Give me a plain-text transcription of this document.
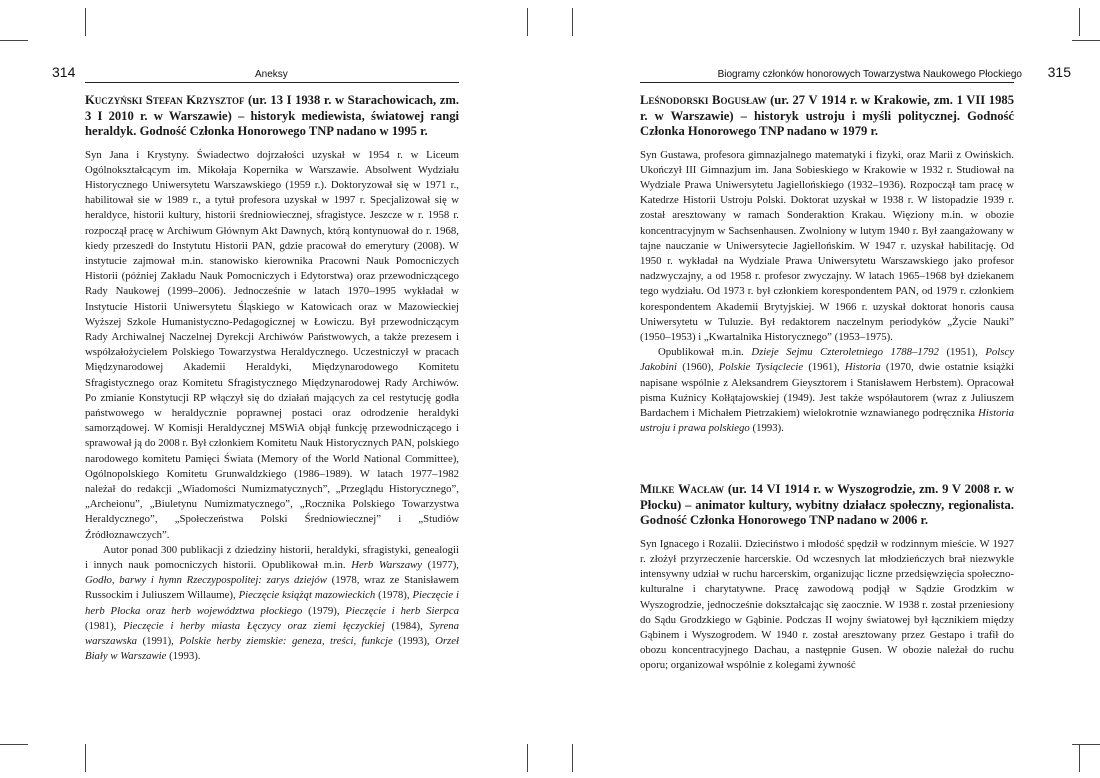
314	Aneksy

Kuczyński Stefan Krzysztof (ur. 13 I 1938 r. w Starachowicach, zm. 3 I 2010 r. w Warszawie) – historyk mediewista, światowej rangi heraldyk. Godność Członka Honorowego TNP nadano w 1995 r.

Syn Jana i Krystyny. Świadectwo dojrzałości uzyskał w 1954 r. w Liceum Ogólnokształcącym im. Mikołaja Kopernika w Warszawie. Absolwent Wydziału Historycznego Uniwersytetu Warszawskiego (1959 r.). Doktoryzował się w 1971 r., habilitował sie w 1989 r., a tytuł profesora uzyskał w 1997 r. Specjalizował się w heraldyce, historii kultury, historii średniowiecznej, sfragistyce. Jeszcze w r. 1958 r. rozpoczął pracę w Archiwum Głównym Akt Dawnych, którą kontynuował do r. 1968, kiedy przeszedł do Instytutu Historii PAN, gdzie pracował do emerytury (2008). W instytucie zajmował m.in. stanowisko kierownika Pracowni Nauk Pomocniczych Historii (później Zakładu Nauk Pomocniczych i Edytorstwa) oraz przewodniczącego Rady Naukowej (1999–2006). Jednocześnie w latach 1970–1995 wykładał w Instytucie Historii Uniwersytetu Śląskiego w Katowicach oraz w Mazowieckiej Wyższej Szkole Humanistyczno-Pedagogicznej w Łowiczu. Był przewodniczącym Rady Archiwalnej Naczelnej Dyrekcji Archiwów Państwowych, a także prezesem i współzałożycielem Polskiego Towarzystwa Heraldycznego. Uczestniczył w pracach Międzynarodowej Akademii Heraldyki, Międzynarodowego Komitetu Sfragistycznego oraz Komitetu Sfragistycznego Międzynarodowej Rady Archiwów. Po zmianie Konstytucji RP włączył się do działań mających za cel restytucję godła państwowego w heraldycznie poprawnej postaci oraz odrodzenie heraldyki samorządowej. W Komisji Heraldycznej MSWiA objął funkcję przewodniczącego i sprawował ją do 2008 r. Był członkiem Komitetu Nauk Historycznych PAN, polskiego narodowego komitetu Pamięci Świata (Memory of the World National Committee), Ogólnopolskiego Komitetu Grunwaldzkiego (1986–1989). W latach 1977–1982 należał do redakcji „Wiadomości Numizmatycznych”, „Przeglądu Historycznego”, „Archeionu”, „Biuletynu Numizmatycznego”, „Rocznika Polskiego Towarzystwa Heraldycznego”, „Społeczeństwa Polski Średniowiecznej” i „Studiów Źródłoznawczych”.

Autor ponad 300 publikacji z dziedziny historii, heraldyki, sfragistyki, genealogii i innych nauk pomocniczych historii. Opublikował m.in. Herb Warszawy (1977), Godło, barwy i hymn Rzeczypospolitej: zarys dziejów (1978, wraz ze Stanisławem Russockim i Juliuszem Willaume), Pieczęcie książąt mazowieckich (1978), Pieczęcie i herb Płocka oraz herb województwa płockiego (1979), Pieczęcie i herb Sierpca (1981), Pieczęcie i herby miasta Łęczycy oraz ziemi łęczyckiej (1984), Syrena warszawska (1991), Polskie herby ziemskie: geneza, treści, funkcje (1993), Orzeł Biały w Warszawie (1993).

Biogramy członków honorowych Towarzystwa Naukowego Płockiego 315

Leśnodorski Bogusław (ur. 27 V 1914 r. w Krakowie, zm. 1 VII 1985 r. w Warszawie) – historyk ustroju i myśli politycznej. Godność Członka Honorowego TNP nadano w 1979 r.

Syn Gustawa, profesora gimnazjalnego matematyki i fizyki, oraz Marii z Owińskich. Ukończył III Gimnazjum im. Jana Sobieskiego w Krakowie w 1932 r. Studiował na Wydziale Prawa Uniwersytetu Jagiellońskiego (1932–1936). Rozpoczął tam pracę w Katedrze Historii Ustroju Polski. Doktorat uzyskał w 1938 r. W listopadzie 1939 r. został aresztowany w ramach Sonderaktion Krakau. Więziony m.in. w obozie koncentracyjnym w Sachsenhausen. Zwolniony w lutym 1940 r. Był zaangażowany w tajne nauczanie w Uniwersytecie Jagiellońskim. W 1947 r. uzyskał habilitację. Od 1950 r. wykładał na Wydziale Prawa Uniwersytetu Warszawskiego jako profesor nadzwyczajny, a od 1958 r. profesor zwyczajny. W latach 1965–1968 był dziekanem tego wydziału. Od 1973 r. był członkiem korespondentem PAN, od 1979 r. członkiem korespondentem Akademii Brytyjskiej. W 1966 r. uzyskał doktorat honoris causa Uniwersytetu w Tuluzie. Był redaktorem naczelnym periodyków „Życie Nauki” (1950–1953) i „Kwartalnika Historycznego” (1953–1975).

Opublikował m.in. Dzieje Sejmu Czteroletniego 1788–1792 (1951), Polscy Jakobini (1960), Polskie Tysiąclecie (1961), Historia (1970, dwie ostatnie książki napisane wspólnie z Aleksandrem Gieysztorem i Stanisławem Herbstem). Opracował pisma Kuźnicy Kołłątajowskiej (1949). Jest także współautorem (wraz z Juliuszem Bardachem i Michałem Pietrzakiem) wielokrotnie wznawianego podręcznika Historia ustroju i prawa polskiego (1993).

Milke Wacław (ur. 14 VI 1914 r. w Wyszogrodzie, zm. 9 V 2008 r. w Płocku) – animator kultury, wybitny działacz społeczny, regionalista. Godność Członka Honorowego TNP nadano w 2006 r.

Syn Ignacego i Rozalii. Dzieciństwo i młodość spędził w rodzinnym mieście. W 1927 r. złożył przyrzeczenie harcerskie. Od wczesnych lat młodzieńczych brał niezwykle intensywny udział w ruchu harcerskim, organizując liczne przedsięwzięcia społeczno-kulturalne i charytatywne. Pracę zawodową podjął w Sądzie Grodzkim w Wyszogrodzie, jednocześnie dokształcając się zaocznie. W 1938 r. został przeniesiony do Sądu Grodzkiego w Gąbinie. Podczas II wojny światowej był łącznikiem między Gąbinem i Wyszogrodem. W 1940 r. został aresztowany przez Gestapo i trafił do obozu koncentracyjnego Dachau, a następnie Gusen. W obozie należał do ruchu oporu; organizował wspólnie z kolegami żywność
